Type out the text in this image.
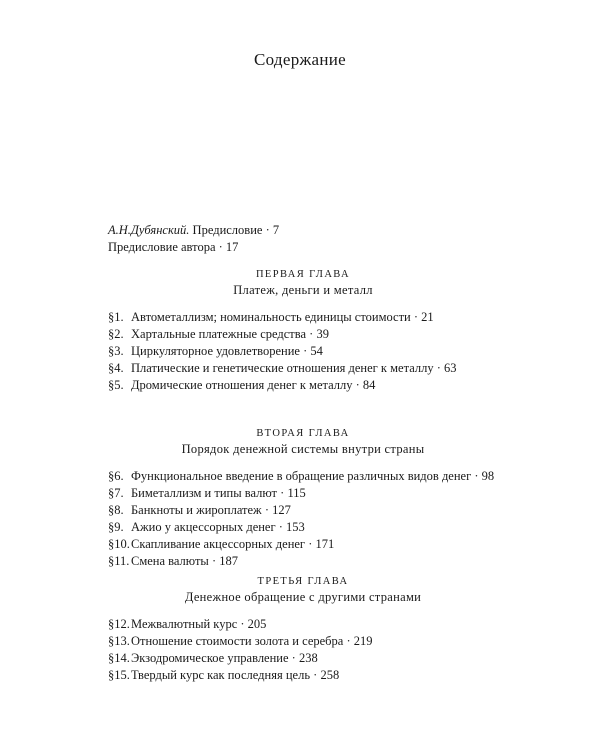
Содержание
А.Н.Дубянский. Предисловие · 7
Предисловие автора · 17
ПЕРВАЯ ГЛАВА
Платеж, деньги и металл
§1. Автометаллизм; номинальность единицы стоимости · 21
§2. Хартальные платежные средства · 39
§3. Циркуляторное удовлетворение · 54
§4. Платические и генетические отношения денег к металлу · 63
§5. Дромические отношения денег к металлу · 84
ВТОРАЯ ГЛАВА
Порядок денежной системы внутри страны
§6. Функциональное введение в обращение различных видов денег · 98
§7. Биметаллизм и типы валют · 115
§8. Банкноты и жироплатеж · 127
§9. Ажио у акцессорных денег · 153
§10. Скапливание акцессорных денег · 171
§11. Смена валюты · 187
ТРЕТЬЯ ГЛАВА
Денежное обращение с другими странами
§12. Межвалютный курс · 205
§13. Отношение стоимости золота и серебра · 219
§14. Экзодромическое управление · 238
§15. Твердый курс как последняя цель · 258
